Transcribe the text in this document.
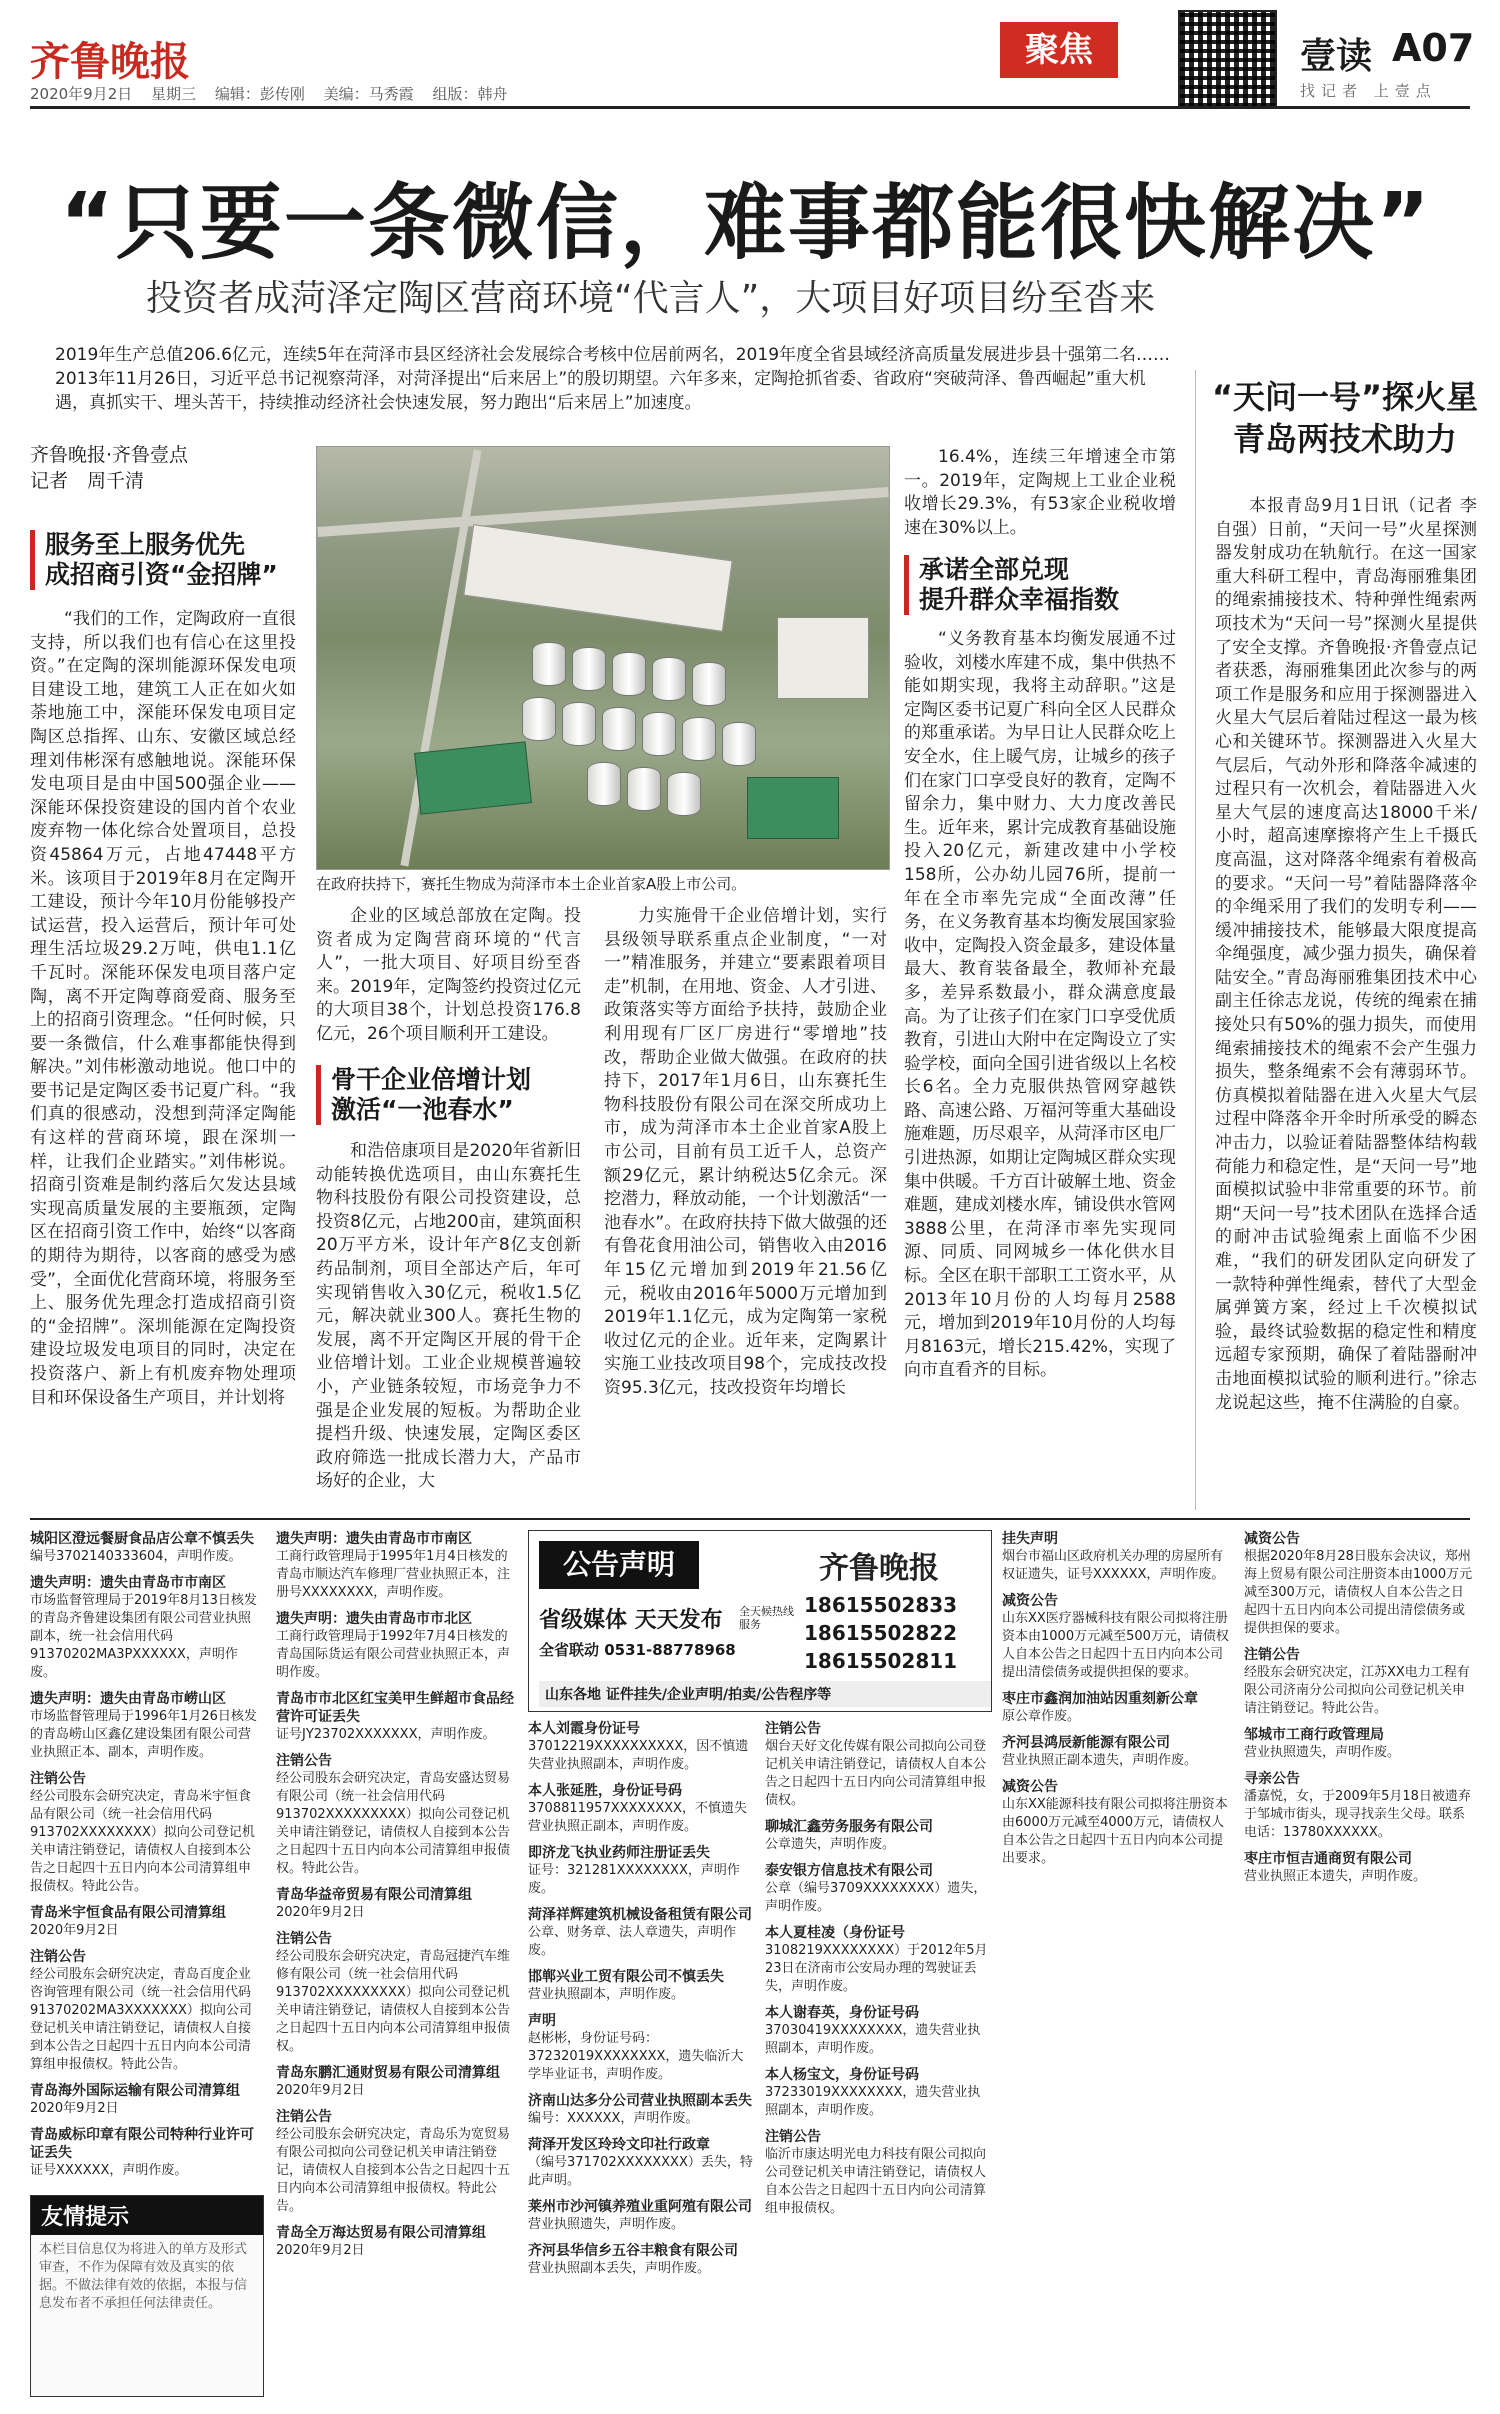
齐鲁晚报
2020年9月2日 星期三 编辑：彭传刚 美编：马秀霞 组版：韩舟
聚焦	壹读 A07
找记者 上壹点
“只要一条微信，难事都能很快解决”
投资者成菏泽定陶区营商环境“代言人”，大项目好项目纷至沓来
2019年生产总值206.6亿元，连续5年在菏泽市县区经济社会发展综合考核中位居前两名，2019年度全省县域经济高质量发展进步县十强第二名……2013年11月26日，习近平总书记视察菏泽，对菏泽提出“后来居上”的殷切期望。六年多来，定陶抢抓省委、省政府“突破菏泽、鲁西崛起”重大机遇，真抓实干、埋头苦干，持续推动经济社会快速发展，努力跑出“后来居上”加速度。	“天问一号”探火星
青岛两技术助力
齐鲁晚报·齐鲁壹点
记者　周千清
服务至上服务优先
成招商引资“金招牌”

“我们的工作，定陶政府一直很支持，所以我们也有信心在这里投资。”在定陶的深圳能源环保发电项目建设工地，建筑工人正在如火如荼地施工中，深能环保发电项目定陶区总指挥、山东、安徽区域总经理刘伟彬深有感触地说。深能环保发电项目是由中国500强企业——深能环保投资建设的国内首个农业废弃物一体化综合处置项目，总投资45864万元，占地47448平方米。该项目于2019年8月在定陶开工建设，预计今年10月份能够投产试运营，投入运营后，预计年可处理生活垃圾29.2万吨，供电1.1亿千瓦时。深能环保发电项目落户定陶，离不开定陶尊商爱商、服务至上的招商引资理念。“任何时候，只要一条微信，什么难事都能快得到解决。”刘伟彬激动地说。他口中的要书记是定陶区委书记夏广科。“我们真的很感动，没想到菏泽定陶能有这样的营商环境，跟在深圳一样，让我们企业踏实。”刘伟彬说。招商引资难是制约落后欠发达县域实现高质量发展的主要瓶颈，定陶区在招商引资工作中，始终“以客商的期待为期待，以客商的感受为感受”，全面优化营商环境，将服务至上、服务优先理念打造成招商引资的“金招牌”。深圳能源在定陶投资建设垃圾发电项目的同时，决定在投资落户、新上有机废弃物处理项目和环保设备生产项目，并计划将

在政府扶持下，赛托生物成为菏泽市本土企业首家A股上市公司。

企业的区域总部放在定陶。投资者成为定陶营商环境的“代言人”，一批大项目、好项目纷至沓来。2019年，定陶签约投资过亿元的大项目38个，计划总投资176.8亿元，26个项目顺利开工建设。

骨干企业倍增计划
激活“一池春水”

和浩倍康项目是2020年省新旧动能转换优选项目，由山东赛托生物科技股份有限公司投资建设，总投资8亿元，占地200亩，建筑面积20万平方米，设计年产8亿支创新药品制剂，项目全部达产后，年可实现销售收入30亿元，税收1.5亿元，解决就业300人。赛托生物的发展，离不开定陶区开展的骨干企业倍增计划。工业企业规模普遍较小，产业链条较短，市场竞争力不强是企业发展的短板。为帮助企业提档升级、快速发展，定陶区委区政府筛选一批成长潜力大，产品市场好的企业，大

力实施骨干企业倍增计划，实行县级领导联系重点企业制度，“一对一”精准服务，并建立“要素跟着项目走”机制，在用地、资金、人才引进、政策落实等方面给予扶持，鼓励企业利用现有厂区厂房进行“零增地”技改，帮助企业做大做强。在政府的扶持下，2017年1月6日，山东赛托生物科技股份有限公司在深交所成功上市，成为菏泽市本土企业首家A股上市公司，目前有员工近千人，总资产额29亿元，累计纳税达5亿余元。深挖潜力，释放动能，一个计划激活“一池春水”。在政府扶持下做大做强的还有鲁花食用油公司，销售收入由2016年15亿元增加到2019年21.56亿元，税收由2016年5000万元增加到2019年1.1亿元，成为定陶第一家税收过亿元的企业。近年来，定陶累计实施工业技改项目98个，完成技改投资95.3亿元，技改投资年均增长

16.4%，连续三年增速全市第一。2019年，定陶规上工业企业税收增长29.3%，有53家企业税收增速在30%以上。

承诺全部兑现
提升群众幸福指数

“义务教育基本均衡发展通不过验收，刘楼水库建不成，集中供热不能如期实现，我将主动辞职。”这是定陶区委书记夏广科向全区人民群众的郑重承诺。为早日让人民群众吃上安全水，住上暖气房，让城乡的孩子们在家门口享受良好的教育，定陶不留余力，集中财力、大力度改善民生。近年来，累计完成教育基础设施投入20亿元，新建改建中小学校158所，公办幼儿园76所，提前一年在全市率先完成“全面改薄”任务，在义务教育基本均衡发展国家验收中，定陶投入资金最多，建设体量最大、教育装备最全，教师补充最多，差异系数最小，群众满意度最高。为了让孩子们在家门口享受优质教育，引进山大附中在定陶设立了实验学校，面向全国引进省级以上名校长6名。全力克服供热管网穿越铁路、高速公路、万福河等重大基础设施难题，历尽艰辛，从菏泽市区电厂引进热源，如期让定陶城区群众实现集中供暖。千方百计破解土地、资金难题，建成刘楼水库，铺设供水管网3888公里，在菏泽市率先实现同源、同质、同网城乡一体化供水目标。全区在职干部职工工资水平，从2013年10月份的人均每月2588元，增加到2019年10月份的人均每月8163元，增长215.42%，实现了向市直看齐的目标。

本报青岛9月1日讯（记者 李自强）日前，“天问一号”火星探测器发射成功在轨航行。在这一国家重大科研工程中，青岛海丽雅集团的绳索捕接技术、特种弹性绳索两项技术为“天问一号”探测火星提供了安全支撑。齐鲁晚报·齐鲁壹点记者获悉，海丽雅集团此次参与的两项工作是服务和应用于探测器进入火星大气层后着陆过程这一最为核心和关键环节。探测器进入火星大气层后，气动外形和降落伞减速的过程只有一次机会，着陆器进入火星大气层的速度高达18000千米/小时，超高速摩擦将产生上千摄氏度高温，这对降落伞绳索有着极高的要求。“天问一号”着陆器降落伞的伞绳采用了我们的发明专利——缓冲捕接技术，能够最大限度提高伞绳强度，减少强力损失，确保着陆安全。”青岛海丽雅集团技术中心副主任徐志龙说，传统的绳索在捕接处只有50%的强力损失，而使用绳索捕接技术的绳索不会产生强力损失，整条绳索不会有薄弱环节。仿真模拟着陆器在进入火星大气层过程中降落伞开伞时所承受的瞬态冲击力，以验证着陆器整体结构载荷能力和稳定性，是“天问一号”地面模拟试验中非常重要的环节。前期“天问一号”技术团队在选择合适的耐冲击试验绳索上面临不少困难，“我们的研发团队定向研发了一款特种弹性绳索，替代了大型金属弹簧方案，经过上千次模拟试验，最终试验数据的稳定性和精度远超专家预期，确保了着陆器耐冲击地面模拟试验的顺利进行。”徐志龙说起这些，掩不住满脸的自豪。

城阳区澄远餐厨食品店公章不慎丢失
编号3702140333604，声明作废。
遗失声明：遗失由青岛市市南区
市场监督管理局于2019年8月13日核发的青岛齐鲁建设集团有限公司营业执照副本，统一社会信用代码91370202MA3PXXXXXX，声明作废。
遗失声明：遗失由青岛市崂山区
市场监督管理局于1996年1月26日核发的青岛崂山区鑫亿建设集团有限公司营业执照正本、副本，声明作废。
注销公告
经公司股东会研究决定，青岛米宇恒食品有限公司（统一社会信用代码913702XXXXXXXX）拟向公司登记机关申请注销登记，请债权人自接到本公告之日起四十五日内向本公司清算组申报债权。特此公告。
青岛米宇恒食品有限公司清算组
2020年9月2日
注销公告
经公司股东会研究决定，青岛百度企业咨询管理有限公司（统一社会信用代码91370202MA3XXXXXXX）拟向公司登记机关申请注销登记，请债权人自接到本公告之日起四十五日内向本公司清算组申报债权。特此公告。
青岛海外国际运输有限公司清算组
2020年9月2日
青岛威标印章有限公司特种行业许可证丢失
证号XXXXXX，声明作废。
友情提示
本栏目信息仅为将进入的单方及形式审查，不作为保障有效及真实的依据。不做法律有效的依据，本报与信息发布者不承担任何法律责任。
遗失声明：遗失由青岛市市南区
工商行政管理局于1995年1月4日核发的青岛市顺达汽车修理厂营业执照正本，注册号XXXXXXXX，声明作废。
遗失声明：遗失由青岛市市北区
工商行政管理局于1992年7月4日核发的青岛国际货运有限公司营业执照正本，声明作废。
青岛市市北区红宝美甲生鲜超市食品经营许可证丢失
证号JY23702XXXXXXX，声明作废。
注销公告
经公司股东会研究决定，青岛安盛达贸易有限公司（统一社会信用代码913702XXXXXXXXX）拟向公司登记机关申请注销登记，请债权人自接到本公告之日起四十五日内向本公司清算组申报债权。特此公告。
青岛华益帝贸易有限公司清算组
2020年9月2日
注销公告
经公司股东会研究决定，青岛冠捷汽车维修有限公司（统一社会信用代码913702XXXXXXXXX）拟向公司登记机关申请注销登记，请债权人自接到本公告之日起四十五日内向本公司清算组申报债权。
青岛东鹏汇通财贸易有限公司清算组
2020年9月2日
注销公告
经公司股东会研究决定，青岛乐为宽贸易有限公司拟向公司登记机关申请注销登记，请债权人自接到本公告之日起四十五日内向本公司清算组申报债权。特此公告。
青岛全万海达贸易有限公司清算组
2020年9月2日
公告声明	齐鲁晚报
省级媒体 天天发布 全天候热线服务
18615502833
18615502822
18615502811
全省联动 0531-88778968
山东各地 证件挂失/企业声明/拍卖/公告程序等
本人刘霞身份证号
37012219XXXXXXXXXX，因不慎遗失营业执照副本，声明作废。
本人张延胜，身份证号码
3708811957XXXXXXXX，不慎遗失营业执照正副本，声明作废。
即济龙飞执业药师注册证丢失
证号：321281XXXXXXXX，声明作废。
菏泽祥辉建筑机械设备租赁有限公司
公章、财务章、法人章遗失，声明作废。
邯郸兴业工贸有限公司不慎丢失
营业执照副本，声明作废。
声明
赵彬彬，身份证号码：37232019XXXXXXXX，遗失临沂大学毕业证书，声明作废。
济南山达多分公司营业执照副本丢失
编号：XXXXXX，声明作废。
菏泽开发区玲玲文印社行政章
（编号371702XXXXXXXX）丢失，特此声明。
莱州市沙河镇养殖业重阿殖有限公司
营业执照遗失，声明作废。
齐河县华信乡五谷丰粮食有限公司
营业执照副本丢失，声明作废。
注销公告
烟台天好文化传媒有限公司拟向公司登记机关申请注销登记，请债权人自本公告之日起四十五日内向公司清算组申报债权。
聊城汇鑫劳务服务有限公司
公章遗失，声明作废。
泰安银方信息技术有限公司
公章（编号3709XXXXXXXX）遗失，声明作废。
本人夏桂凌（身份证号
3108219XXXXXXXX）于2012年5月23日在济南市公安局办理的驾驶证丢失，声明作废。
本人谢春英，身份证号码
37030419XXXXXXXX，遗失营业执照副本，声明作废。
本人杨宝文，身份证号码
37233019XXXXXXXX，遗失营业执照副本，声明作废。
注销公告
临沂市康达明光电力科技有限公司拟向公司登记机关申请注销登记，请债权人自本公告之日起四十五日内向公司清算组申报债权。
挂失声明
烟台市福山区政府机关办理的房屋所有权证遗失，证号XXXXXX，声明作废。
减资公告
山东XX医疗器械科技有限公司拟将注册资本由1000万元减至500万元，请债权人自本公告之日起四十五日内向本公司提出清偿债务或提供担保的要求。
枣庄市鑫润加油站因重刻新公章
原公章作废。
齐河县鸿辰新能源有限公司
营业执照正副本遗失，声明作废。
减资公告
山东XX能源科技有限公司拟将注册资本由6000万元减至4000万元，请债权人自本公告之日起四十五日内向本公司提出要求。
减资公告
根据2020年8月28日股东会决议，郑州海上贸易有限公司注册资本由1000万元减至300万元，请债权人自本公告之日起四十五日内向本公司提出清偿债务或提供担保的要求。
注销公告
经股东会研究决定，江苏XX电力工程有限公司济南分公司拟向公司登记机关申请注销登记。特此公告。
邹城市工商行政管理局
营业执照遗失，声明作废。
寻亲公告
潘嘉悦，女，于2009年5月18日被遗弃于邹城市街头，现寻找亲生父母。联系电话：13780XXXXXX。
枣庄市恒吉通商贸有限公司
营业执照正本遗失，声明作废。
